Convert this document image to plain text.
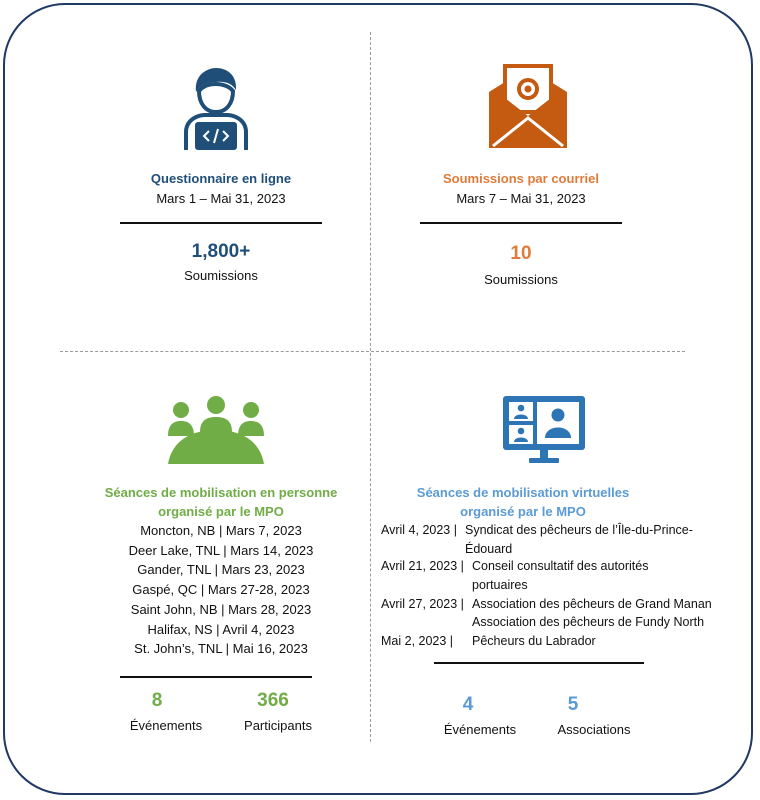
Questionnaire en ligne
Mars 1 – Mai 31, 2023
1,800+
Soumissions
Soumissions par courriel
Mars 7 – Mai 31, 2023
10
Soumissions
Séances de mobilisation en personne
organisé par le MPO
Moncton, NB | Mars 7, 2023
Deer Lake, TNL | Mars 14, 2023
Gander, TNL | Mars 23, 2023
Gaspé, QC | Mars 27-28, 2023
Saint John, NB | Mars 28, 2023
Halifax, NS | Avril 4, 2023
St. John’s, TNL | Mai 16, 2023
8
Événements
366
Participants
Séances de mobilisation virtuelles
organisé par le MPO
Avril 4, 2023 | Syndicat des pêcheurs de l’Île-du-Prince-
Édouard
Avril 21, 2023 | Conseil consultatif des autorités
portuaires
Avril 27, 2023 | Association des pêcheurs de Grand Manan
Association des pêcheurs de Fundy North
Mai 2, 2023 | Pêcheurs du Labrador
4
Événements
5
Associations
